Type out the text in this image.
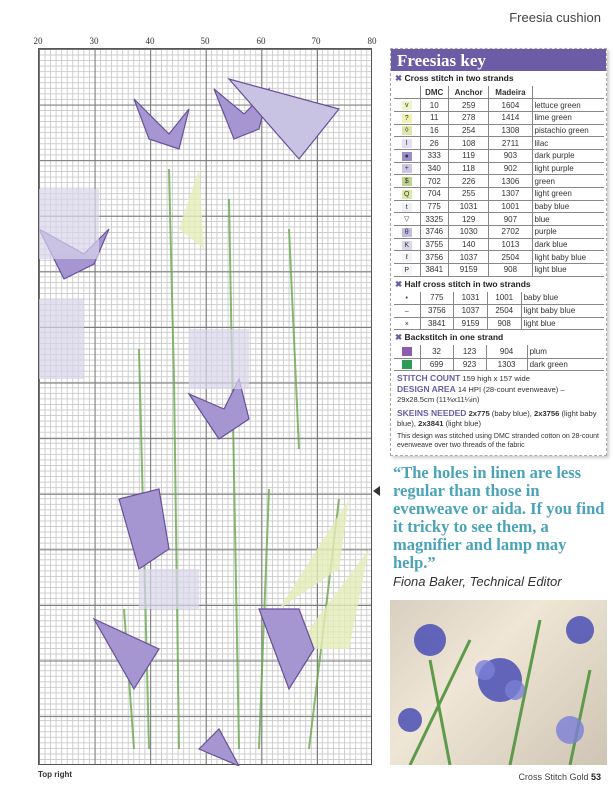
Freesia cushion
20	30	40	50	60	70	80
Top right
Freesias key
✖ Cross stitch in two strands
	DMC	Anchor	Madeira	
v	10	259	1604	lettuce green
?	11	278	1414	lime green
◊	16	254	1308	pistachio green
I	26	108	2711	lilac
●	333	119	903	dark purple
+	340	118	902	light purple
$	702	226	1306	green
Q	704	255	1307	light green
t	775	1031	1001	baby blue
▽	3325	129	907	blue
θ	3746	1030	2702	purple
K	3755	140	1013	dark blue
ℓ	3756	1037	2504	light baby blue
P	3841	9159	908	light blue
✖ Half cross stitch in two strands
•	775	1031	1001	baby blue
–	3756	1037	2504	light baby blue
×	3841	9159	908	light blue
✖ Backstitch in one strand
	32	123	904	plum
	699	923	1303	dark green
STITCH COUNT 159 high x 157 wide
DESIGN AREA 14 HPI (28-count evenweave) – 29x28.5cm (11⅜x11¼in)
SKEINS NEEDED 2x775 (baby blue), 2x3756 (light baby blue), 2x3841 (light blue)
This design was stitched using DMC stranded cotton on 28-count evenweave over two threads of the fabric
“The holes in linen are less regular than those in evenweave or aida. If you find it tricky to see them, a magnifier and lamp may help.”
Fiona Baker, Technical Editor
Cross Stitch Gold 53
